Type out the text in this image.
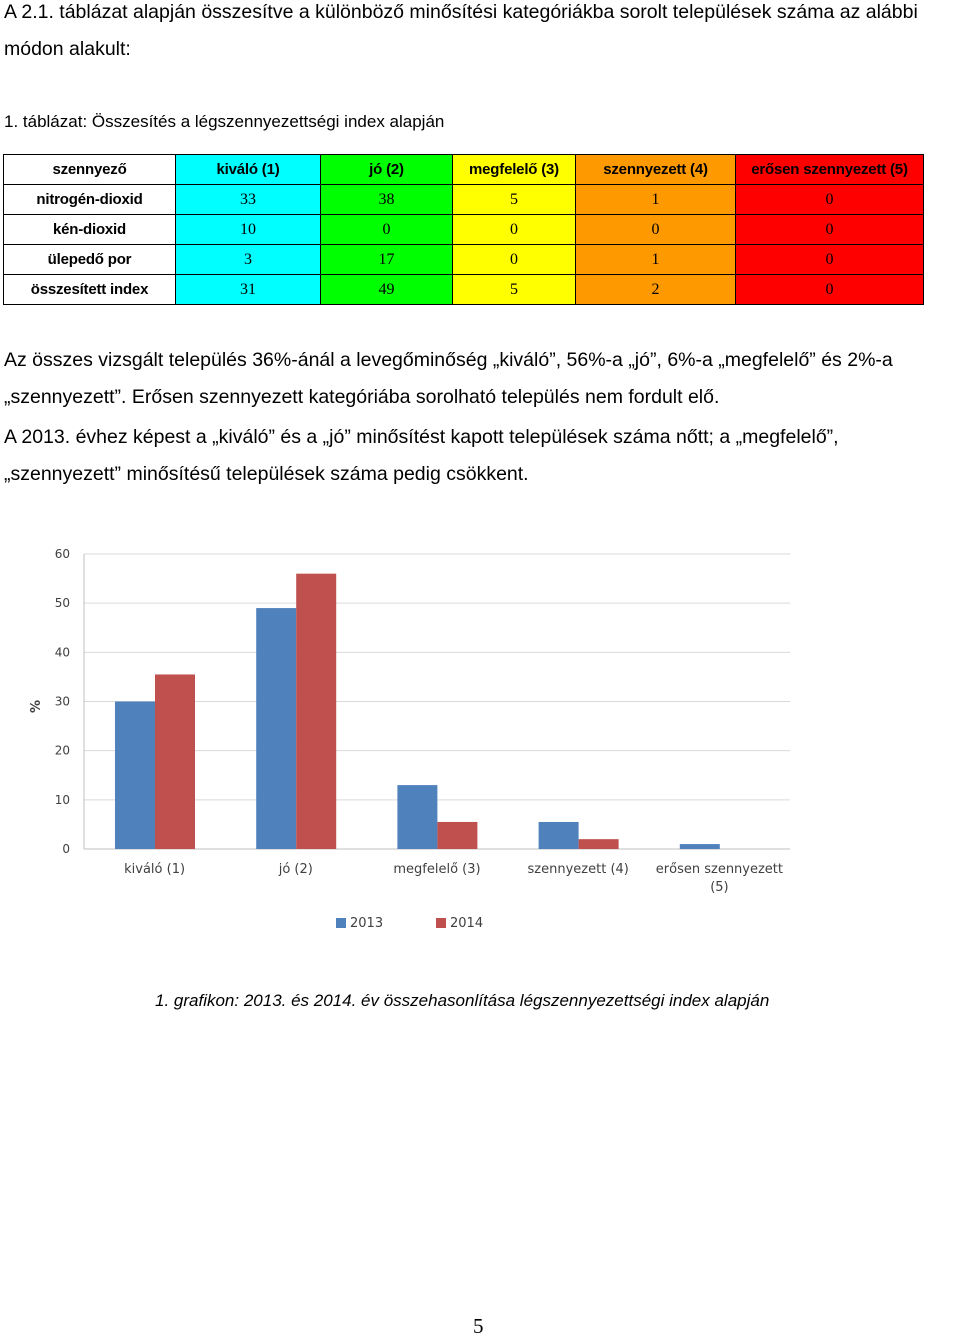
A 2.1. táblázat alapján összesítve a különböző minősítési kategóriákba sorolt települések száma az alábbi módon alakult:

1. táblázat: Összesítés a légszennyezettségi index alapján

szennyező	kiváló (1)	jó (2)	megfelelő (3)	szennyezett (4)	erősen szennyezett (5)
nitrogén-dioxid	33	38	5	1	0
kén-dioxid	10	0	0	0	0
ülepedő por	3	17	0	1	0
összesített index	31	49	5	2	0

Az összes vizsgált település 36%-ánál a levegőminőség „kiváló”, 56%-a „jó”, 6%-a „megfelelő” és 2%-a „szennyezett”. Erősen szennyezett kategóriába sorolható település nem fordult elő.

A 2013. évhez képest a „kiváló” és a „jó” minősítést kapott települések száma nőtt; a „megfelelő”, „szennyezett” minősítésű települések száma pedig csökkent.

0
10
20
30
40
50
60
%
kiváló (1)	jó (2)	megfelelő (3)	szennyezett (4) erősen szennyezett
(5)
2013	2014

1. grafikon: 2013. és 2014. év összehasonlítása légszennyezettségi index alapján

5
